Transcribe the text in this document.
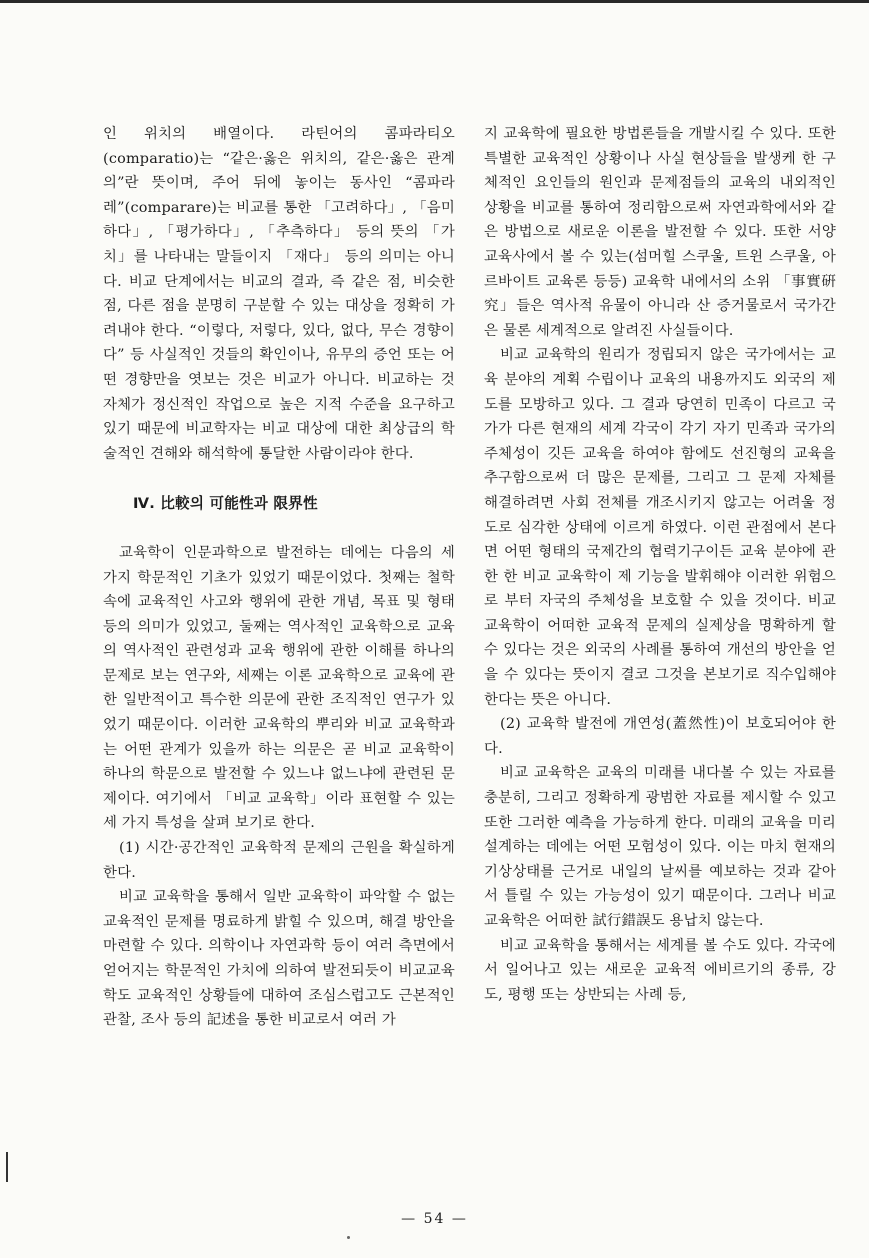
인 위치의 배열이다. 라틴어의 콤파라티오(comparatio)는 “같은·옳은 위치의, 같은·옳은 관계의”란 뜻이며, 주어 뒤에 놓이는 동사인 “콤파라레”(comparare)는 비교를 통한 「고려하다」, 「음미하다」, 「평가하다」, 「추측하다」 등의 뜻의 「가치」를 나타내는 말들이지 「재다」 등의 의미는 아니다. 비교 단계에서는 비교의 결과, 즉 같은 점, 비슷한 점, 다른 점을 분명히 구분할 수 있는 대상을 정확히 가려내야 한다. “이렇다, 저렇다, 있다, 없다, 무슨 경향이다” 등 사실적인 것들의 확인이나, 유무의 증언 또는 어떤 경향만을 엿보는 것은 비교가 아니다. 비교하는 것 자체가 정신적인 작업으로 높은 지적 수준을 요구하고 있기 때문에 비교학자는 비교 대상에 대한 최상급의 학술적인 견해와 해석학에 통달한 사람이라야 한다.

Ⅳ. 比較의 可能性과 限界性

교육학이 인문과학으로 발전하는 데에는 다음의 세 가지 학문적인 기초가 있었기 때문이었다. 첫째는 철학 속에 교육적인 사고와 행위에 관한 개념, 목표 및 형태 등의 의미가 있었고, 둘째는 역사적인 교육학으로 교육의 역사적인 관련성과 교육 행위에 관한 이해를 하나의 문제로 보는 연구와, 세째는 이론 교육학으로 교육에 관한 일반적이고 특수한 의문에 관한 조직적인 연구가 있었기 때문이다. 이러한 교육학의 뿌리와 비교 교육학과는 어떤 관계가 있을까 하는 의문은 곧 비교 교육학이 하나의 학문으로 발전할 수 있느냐 없느냐에 관련된 문제이다. 여기에서 「비교 교육학」이라 표현할 수 있는 세 가지 특성을 살펴 보기로 한다.

(1) 시간·공간적인 교육학적 문제의 근원을 확실하게 한다.

비교 교육학을 통해서 일반 교육학이 파악할 수 없는 교육적인 문제를 명료하게 밝힐 수 있으며, 해결 방안을 마련할 수 있다. 의학이나 자연과학 등이 여러 측면에서 얻어지는 학문적인 가치에 의하여 발전되듯이 비교교육학도 교육적인 상황들에 대하여 조심스럽고도 근본적인 관찰, 조사 등의 記述을 통한 비교로서 여러 가

지 교육학에 필요한 방법론들을 개발시킬 수 있다. 또한 특별한 교육적인 상황이나 사실 현상들을 발생케 한 구체적인 요인들의 원인과 문제점들의 교육의 내외적인 상황을 비교를 통하여 정리함으로써 자연과학에서와 같은 방법으로 새로운 이론을 발전할 수 있다. 또한 서양 교육사에서 볼 수 있는(섬머힐 스쿠울, 트윈 스쿠울, 아르바이트 교육론 등등) 교육학 내에서의 소위 「事實硏究」들은 역사적 유물이 아니라 산 증거물로서 국가간은 물론 세계적으로 알려진 사실들이다.

비교 교육학의 원리가 정립되지 않은 국가에서는 교육 분야의 계획 수립이나 교육의 내용까지도 외국의 제도를 모방하고 있다. 그 결과 당연히 민족이 다르고 국가가 다른 현재의 세계 각국이 각기 자기 민족과 국가의 주체성이 깃든 교육을 하여야 함에도 선진형의 교육을 추구함으로써 더 많은 문제를, 그리고 그 문제 자체를 해결하려면 사회 전체를 개조시키지 않고는 어려울 정도로 심각한 상태에 이르게 하였다. 이런 관점에서 본다면 어떤 형태의 국제간의 협력기구이든 교육 분야에 관한 한 비교 교육학이 제 기능을 발휘해야 이러한 위험으로 부터 자국의 주체성을 보호할 수 있을 것이다. 비교 교육학이 어떠한 교육적 문제의 실제상을 명확하게 할 수 있다는 것은 외국의 사례를 통하여 개선의 방안을 얻을 수 있다는 뜻이지 결코 그것을 본보기로 직수입해야 한다는 뜻은 아니다.

(2) 교육학 발전에 개연성(蓋然性)이 보호되어야 한다.

비교 교육학은 교육의 미래를 내다볼 수 있는 자료를 충분히, 그리고 정확하게 광범한 자료를 제시할 수 있고 또한 그러한 예측을 가능하게 한다. 미래의 교육을 미리 설계하는 데에는 어떤 모험성이 있다. 이는 마치 현재의 기상상태를 근거로 내일의 날씨를 예보하는 것과 같아서 틀릴 수 있는 가능성이 있기 때문이다. 그러나 비교 교육학은 어떠한 試行錯誤도 용납치 않는다.

비교 교육학을 통해서는 세계를 볼 수도 있다. 각국에서 일어나고 있는 새로운 교육적 에비르기의 종류, 강도, 평행 또는 상반되는 사례 등,

— 54 —
